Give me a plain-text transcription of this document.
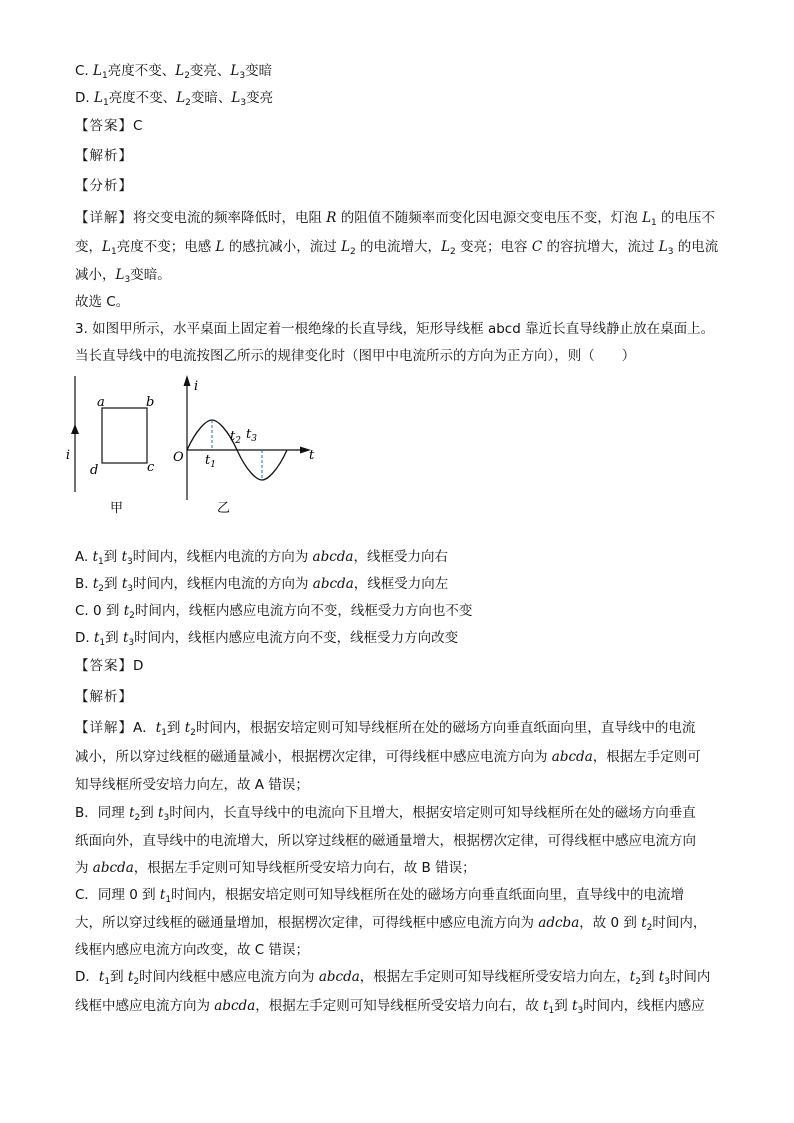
C. $L_1$亮度不变、$L_2$变亮、$L_3$变暗
D. $L_1$亮度不变、$L_2$变暗、$L_3$变亮
【答案】C
【解析】
【分析】
【详解】将交变电流的频率降低时，电阻 R 的阻值不随频率而变化因电源交变电压不变，灯泡 $L_1$ 的电压不
变，$L_1$亮度不变；电感 L 的感抗减小，流过 $L_2$ 的电流增大，$L_2$ 变亮；电容 C 的容抗增大，流过 $L_3$ 的电流
减小，$L_3$变暗。
故选 C。
3. 如图甲所示，水平桌面上固定着一根绝缘的长直导线，矩形导线框 abcd 靠近长直导线静止放在桌面上。
当长直导线中的电流按图乙所示的规律变化时（图甲中电流所示的方向为正方向），则（　　）
i
a	b
c
d
甲
i
t
O $t_1$
$t_2$ $t_3$
乙
A. $t_1$到 $t_3$时间内，线框内电流的方向为 abcda，线框受力向右
B. $t_2$到 $t_3$时间内，线框内电流的方向为 abcda，线框受力向左
C. 0 到 $t_2$时间内，线框内感应电流方向不变，线框受力方向也不变
D. $t_1$到 $t_3$时间内，线框内感应电流方向不变，线框受力方向改变
【答案】D
【解析】
【详解】A．$t_1$到 $t_2$时间内，根据安培定则可知导线框所在处的磁场方向垂直纸面向里，直导线中的电流
减小，所以穿过线框的磁通量减小，根据楞次定律，可得线框中感应电流方向为 abcda，根据左手定则可
知导线框所受安培力向左，故 A 错误；
B．同理 $t_2$到 $t_3$时间内，长直导线中的电流向下且增大，根据安培定则可知导线框所在处的磁场方向垂直
纸面向外，直导线中的电流增大，所以穿过线框的磁通量增大，根据楞次定律，可得线框中感应电流方向
为 abcda，根据左手定则可知导线框所受安培力向右，故 B 错误；
C．同理 0 到 $t_1$时间内，根据安培定则可知导线框所在处的磁场方向垂直纸面向里，直导线中的电流增
大，所以穿过线框的磁通量增加，根据楞次定律，可得线框中感应电流方向为 adcba，故 0 到 $t_2$时间内，
线框内感应电流方向改变，故 C 错误；
D．$t_1$到 $t_2$时间内线框中感应电流方向为 abcda，根据左手定则可知导线框所受安培力向左，$t_2$到 $t_3$时间内
线框中感应电流方向为 abcda，根据左手定则可知导线框所受安培力向右，故 $t_1$到 $t_3$时间内，线框内感应
